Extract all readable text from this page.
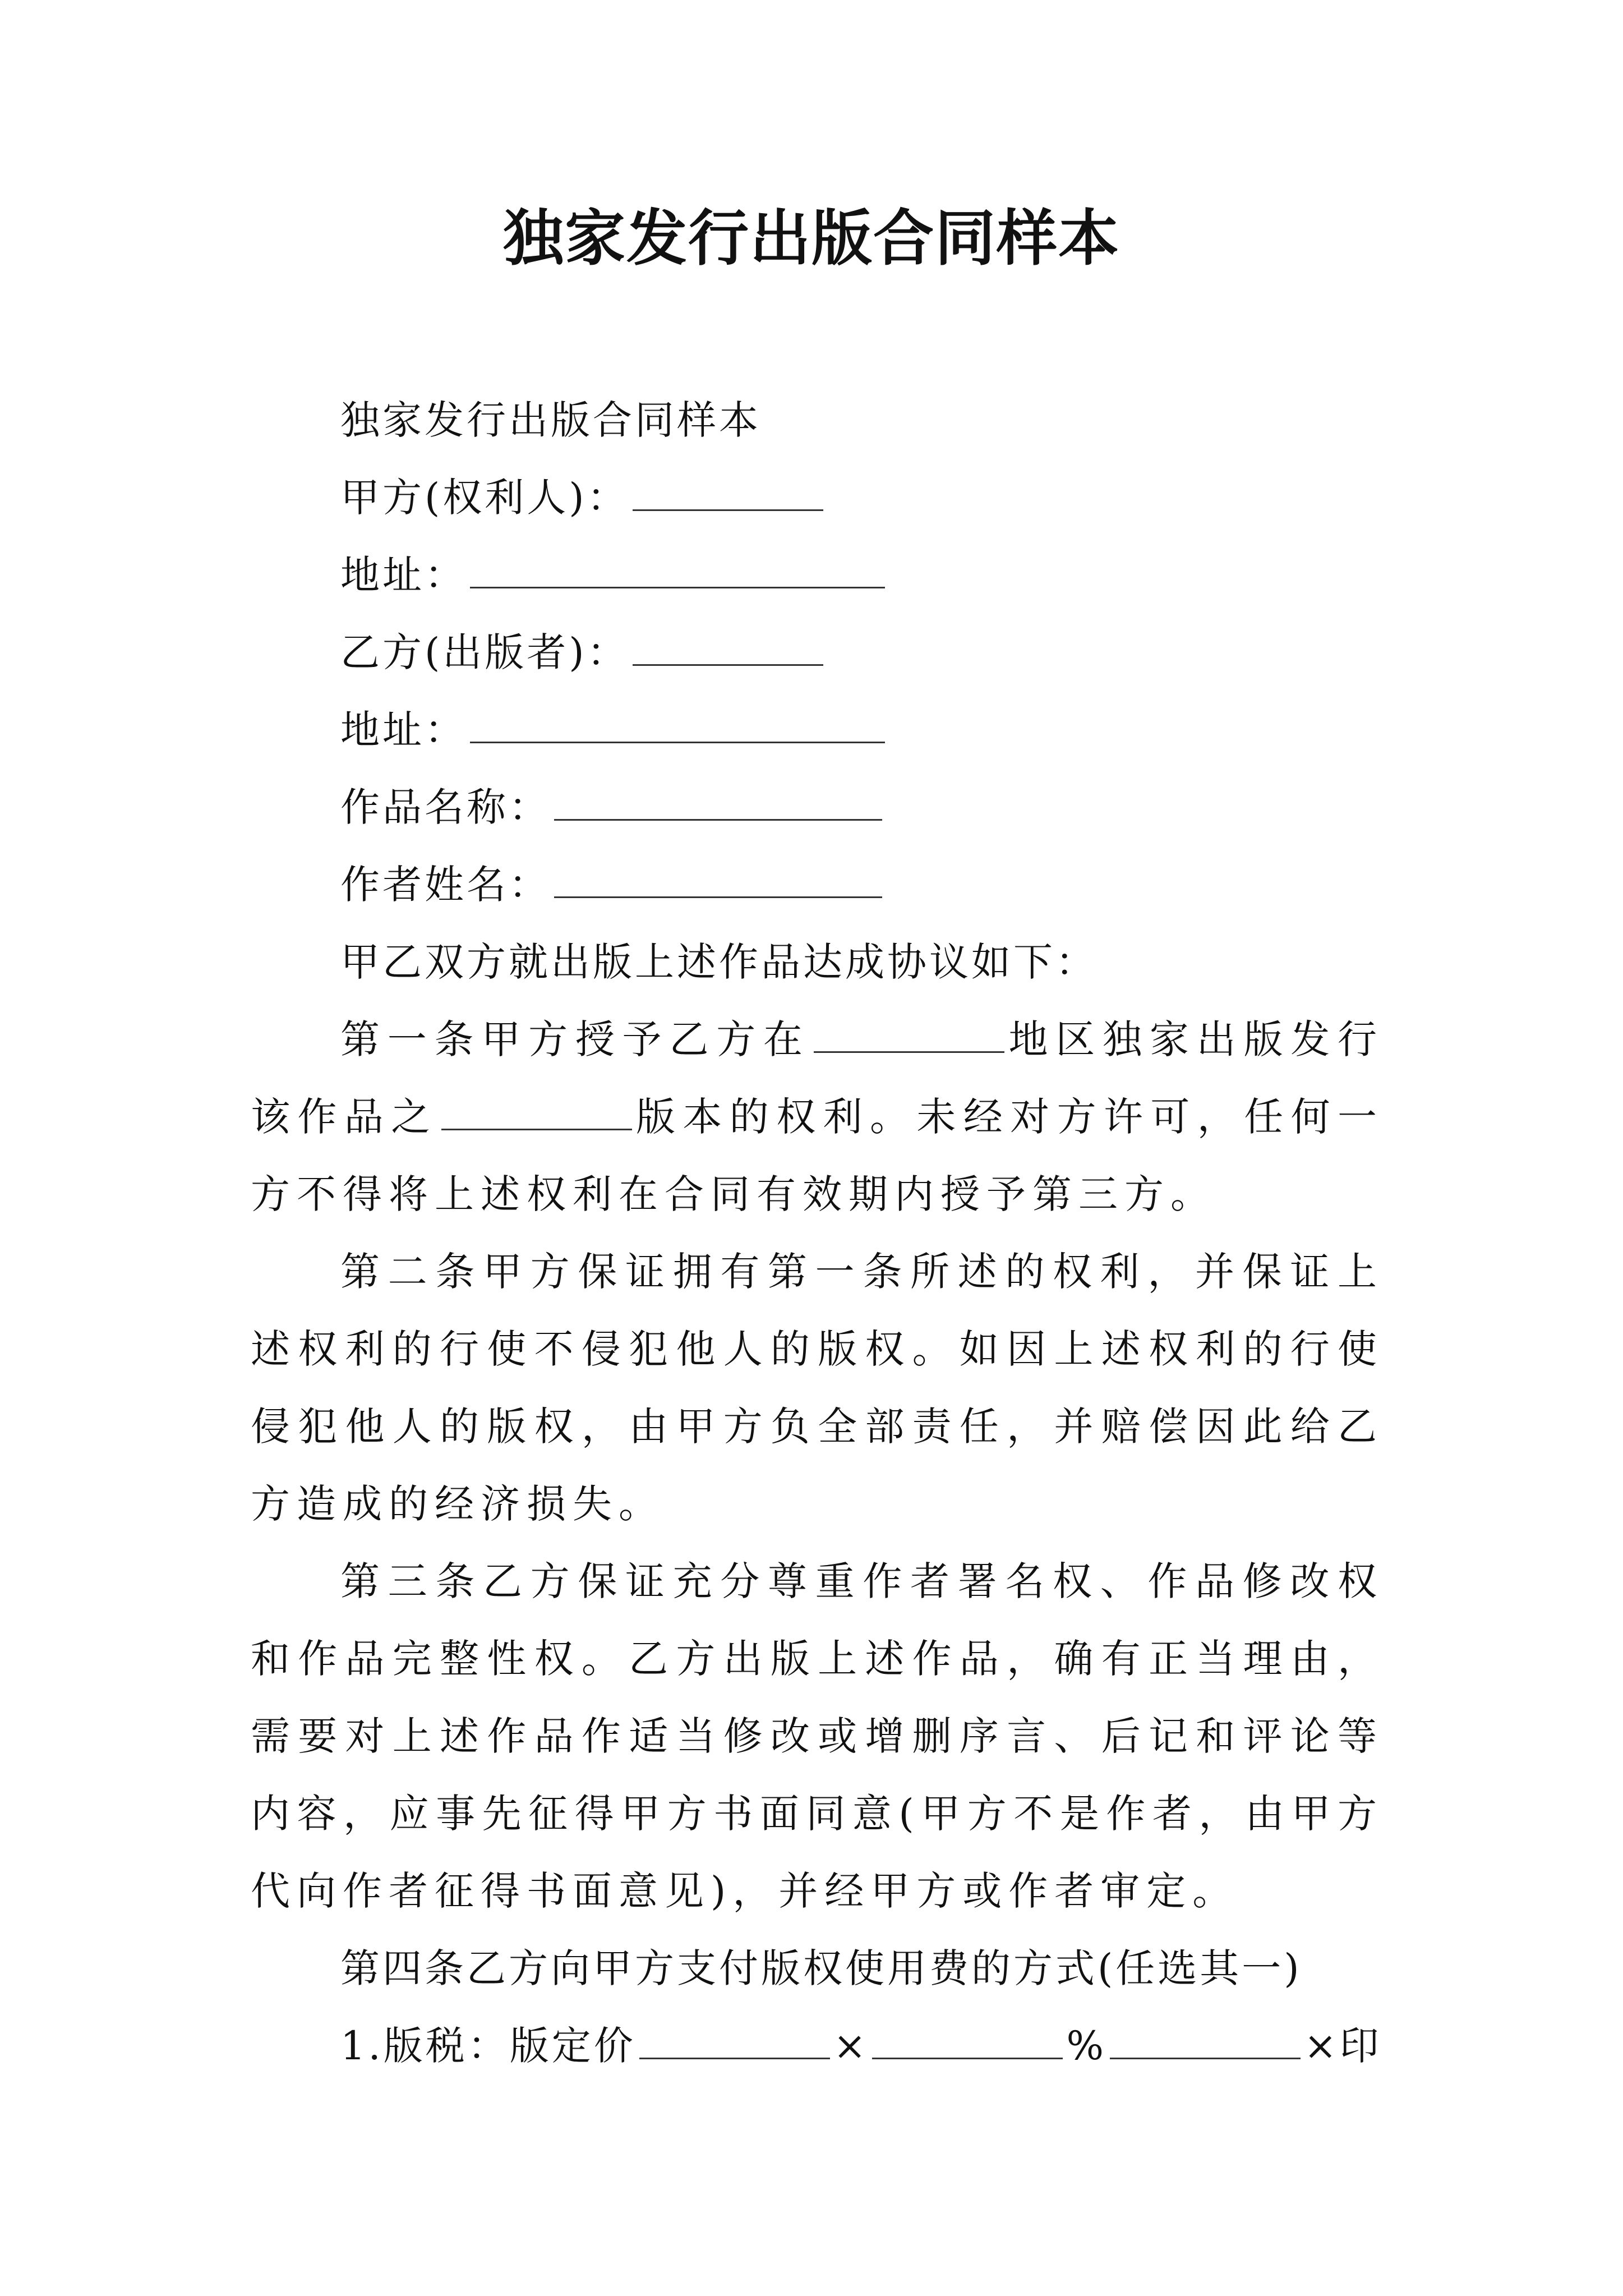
独家发行出版合同样本

独家发行出版合同样本

甲方(权利人)：

地址：

乙方(出版者)：

地址：

作品名称：

作者姓名：

甲乙双方就出版上述作品达成协议如下：

第一条甲方授予乙方在	地区独家出版发行该作品之	版本的权利。未经对方许可，任何一方不得将上述权利在合同有效期内授予第三方。

第二条甲方保证拥有第一条所述的权利，并保证上述权利的行使不侵犯他人的版权。如因上述权利的行使侵犯他人的版权，由甲方负全部责任，并赔偿因此给乙方造成的经济损失。

第三条乙方保证充分尊重作者署名权、作品修改权和作品完整性权。乙方出版上述作品，确有正当理由，需要对上述作品作适当修改或增删序言、后记和评论等内容，应事先征得甲方书面同意(甲方不是作者，由甲方代向作者征得书面意见)，并经甲方或作者审定。

第四条乙方向甲方支付版权使用费的方式(任选其一)

1.版税：版定价	×	%	×印
